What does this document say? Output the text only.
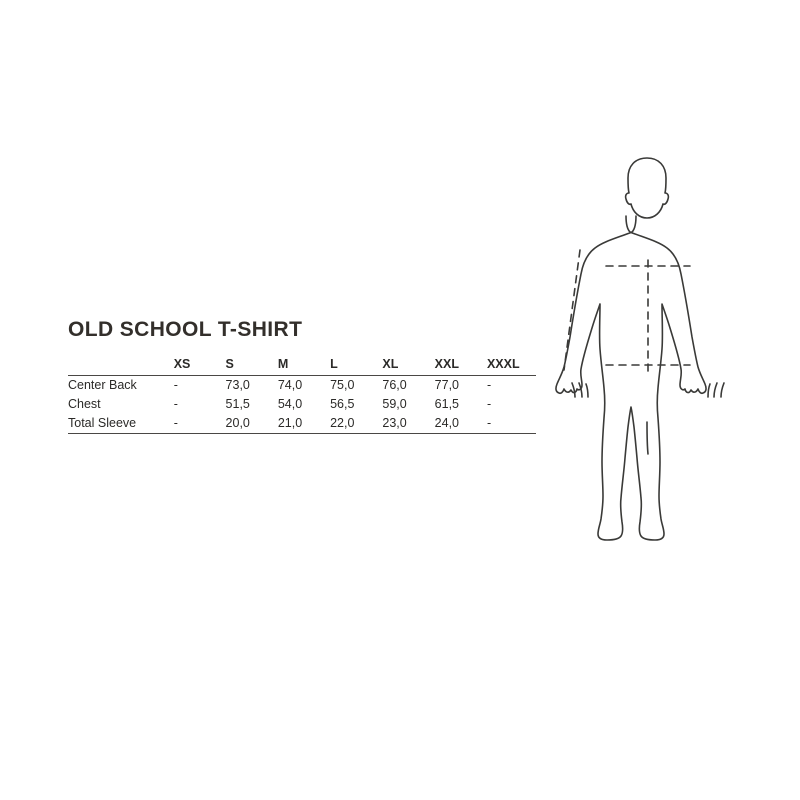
OLD SCHOOL T-SHIRT
	XS	S	M	L	XL	XXL	XXXL
Center Back	-	73,0	74,0	75,0	76,0	77,0	-
Chest	-	51,5	54,0	56,5	59,0	61,5	-
Total Sleeve	-	20,0	21,0	22,0	23,0	24,0	-
